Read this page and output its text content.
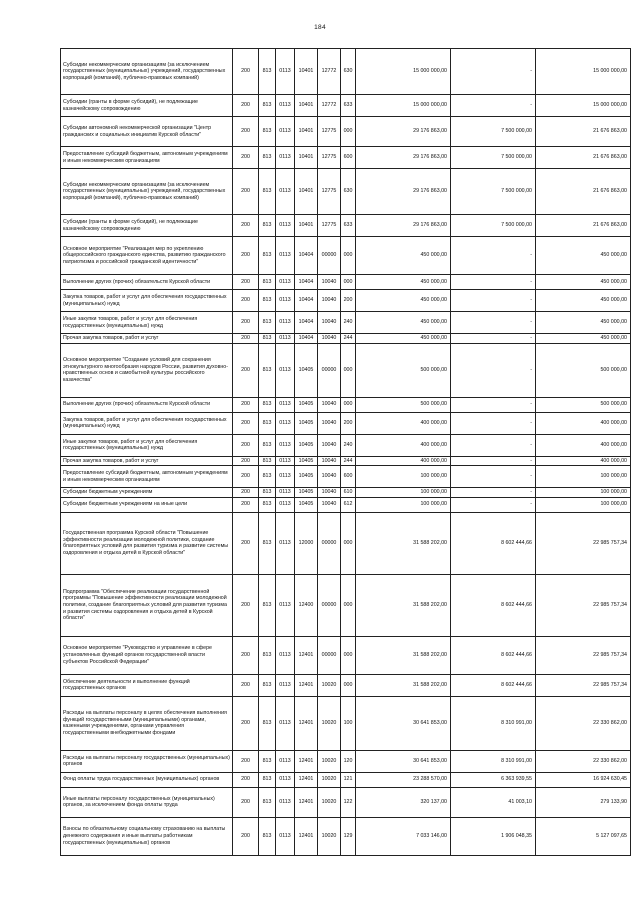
184
Субсидии некоммерческим организациям (за исключением государственных (муниципальных) учреждений, государственных корпораций (компаний), публично-правовых компаний)	200	813	0113	10401	12772	630	15 000 000,00	-	15 000 000,00
Субсидии (гранты в форме субсидий), не подлежащие казначейскому сопровождению	200	813	0113	10401	12772	633	15 000 000,00	-	15 000 000,00
Субсидии автономной некоммерческой организации "Центр гражданских и социальных инициатив Курской области"	200	813	0113	10401	12775	000	29 176 863,00	7 500 000,00	21 676 863,00
Предоставление субсидий бюджетным, автономным учреждениям и иным некоммерческим организациям	200	813	0113	10401	12775	600	29 176 863,00	7 500 000,00	21 676 863,00
Субсидии некоммерческим организациям (за исключением государственных (муниципальных) учреждений, государственных корпораций (компаний), публично-правовых компаний)	200	813	0113	10401	12775	630	29 176 863,00	7 500 000,00	21 676 863,00
Субсидии (гранты в форме субсидий), не подлежащие казначейскому сопровождению	200	813	0113	10401	12775	633	29 176 863,00	7 500 000,00	21 676 863,00
Основное мероприятие "Реализация мер по укреплению общероссийского гражданского единства, развитию гражданского патриотизма и российской гражданской идентичности"	200	813	0113	10404	00000	000	450 000,00	-	450 000,00
Выполнение других (прочих) обязательств Курской области	200	813	0113	10404	10040	000	450 000,00	-	450 000,00
Закупка товаров, работ и услуг для обеспечения государственных (муниципальных) нужд	200	813	0113	10404	10040	200	450 000,00	-	450 000,00
Иные закупки товаров, работ и услуг для обеспечения государственных (муниципальных) нужд	200	813	0113	10404	10040	240	450 000,00	-	450 000,00
Прочая закупка товаров, работ и услуг	200	813	0113	10404	10040	244	450 000,00	-	450 000,00
Основное мероприятие "Создание условий для сохранения этнокультурного многообразия народов России, развития духовно-нравственных основ и самобытной культуры российского казачества"	200	813	0113	10405	00000	000	500 000,00	-	500 000,00
Выполнение других (прочих) обязательств Курской области	200	813	0113	10405	10040	000	500 000,00	-	500 000,00
Закупка товаров, работ и услуг для обеспечения государственных (муниципальных) нужд	200	813	0113	10405	10040	200	400 000,00	-	400 000,00
Иные закупки товаров, работ и услуг для обеспечения государственных (муниципальных) нужд	200	813	0113	10405	10040	240	400 000,00	-	400 000,00
Прочая закупка товаров, работ и услуг	200	813	0113	10405	10040	244	400 000,00	-	400 000,00
Предоставление субсидий бюджетным, автономным учреждениям и иным некоммерческим организациям	200	813	0113	10405	10040	600	100 000,00	-	100 000,00
Субсидии бюджетным учреждениям	200	813	0113	10405	10040	610	100 000,00	-	100 000,00
Субсидии бюджетным учреждениям на иные цели	200	813	0113	10405	10040	612	100 000,00	-	100 000,00
Государственная программа Курской области "Повышение эффективности реализации молодежной политики, создание благоприятных условий для развития туризма и развитие системы оздоровления и отдыха детей в Курской области"	200	813	0113	12000	00000	000	31 588 202,00	8 602 444,66	22 985 757,34
Подпрограмма "Обеспечение реализации государственной программы "Повышение эффективности реализации молодежной политики, создание благоприятных условий для развития туризма и развития системы оздоровления и отдыха детей в Курской области"	200	813	0113	12400	00000	000	31 588 202,00	8 602 444,66	22 985 757,34
Основное мероприятие "Руководство и управление в сфере установленных функций органов государственной власти субъектов Российской Федерации"	200	813	0113	12401	00000	000	31 588 202,00	8 602 444,66	22 985 757,34
Обеспечение деятельности и выполнение функций государственных органов	200	813	0113	12401	10020	000	31 588 202,00	8 602 444,66	22 985 757,34
Расходы на выплаты персоналу в целях обеспечения выполнения функций государственными (муниципальными) органами, казенными учреждениями, органами управления государственными внебюджетными фондами	200	813	0113	12401	10020	100	30 641 853,00	8 310 991,00	22 330 862,00
Расходы на выплаты персоналу государственных (муниципальных) органов	200	813	0113	12401	10020	120	30 641 853,00	8 310 991,00	22 330 862,00
Фонд оплаты труда государственных (муниципальных) органов	200	813	0113	12401	10020	121	23 288 570,00	6 363 939,55	16 924 630,45
Иные выплаты персоналу государственных (муниципальных) органов, за исключением фонда оплаты труда	200	813	0113	12401	10020	122	320 137,00	41 003,10	279 133,90
Взносы по обязательному социальному страхованию на выплаты денежного содержания и иные выплаты работникам государственных (муниципальных) органов	200	813	0113	12401	10020	129	7 033 146,00	1 906 048,35	5 127 097,65
